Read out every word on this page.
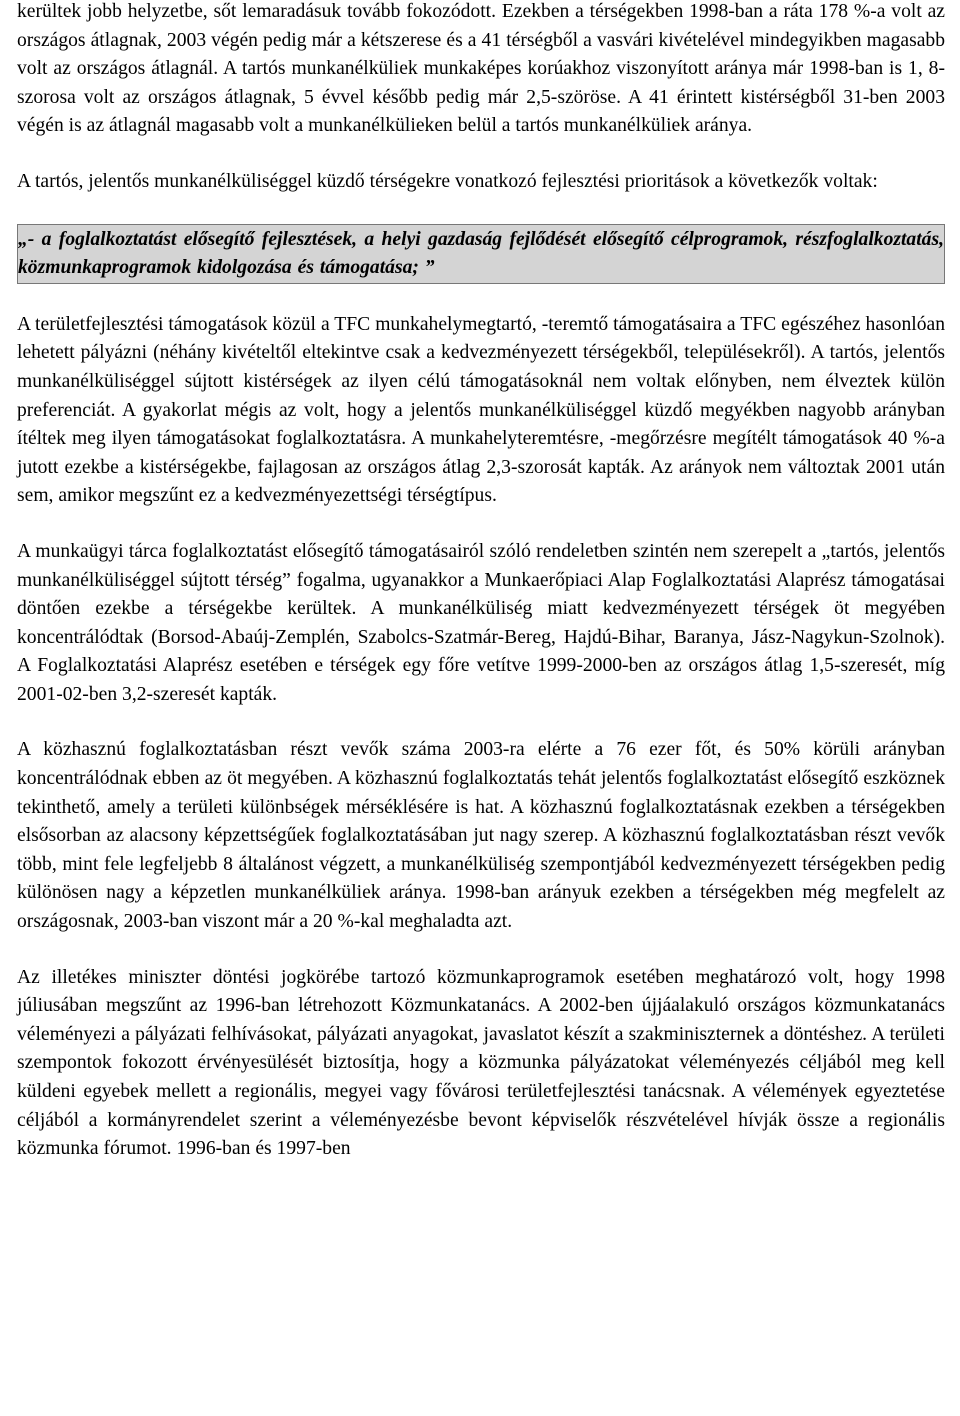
kerültek jobb helyzetbe, sőt lemaradásuk tovább fokozódott. Ezekben a térségekben 1998-ban a ráta 178 %-a volt az országos átlagnak, 2003 végén pedig már a kétszerese és a 41 térségből a vasvári kivételével mindegyikben magasabb volt az országos átlagnál. A tartós munkanélküliek munkaképes korúakhoz viszonyított aránya már 1998-ban is 1, 8-szorosa volt az országos átlagnak, 5 évvel később pedig már 2,5-szöröse. A 41 érintett kistérségből 31-ben 2003 végén is az átlagnál magasabb volt a munkanélkülieken belül a tartós munkanélküliek aránya.

A tartós, jelentős munkanélküliséggel küzdő térségekre vonatkozó fejlesztési prioritások a következők voltak:

„- a foglalkoztatást elősegítő fejlesztések, a helyi gazdaság fejlődését elősegítő célprogramok, részfoglalkoztatás, közmunkaprogramok kidolgozása és támogatása; ”

A területfejlesztési támogatások közül a TFC munkahelymegtartó, -teremtő támogatásaira a TFC egészéhez hasonlóan lehetett pályázni (néhány kivételtől eltekintve csak a kedvezményezett térségekből, településekről). A tartós, jelentős munkanélküliséggel sújtott kistérségek az ilyen célú támogatásoknál nem voltak előnyben, nem élveztek külön preferenciát. A gyakorlat mégis az volt, hogy a jelentős munkanélküliséggel küzdő megyékben nagyobb arányban ítéltek meg ilyen támogatásokat foglalkoztatásra. A munkahelyteremtésre, -megőrzésre megítélt támogatások 40 %-a jutott ezekbe a kistérségekbe, fajlagosan az országos átlag 2,3-szorosát kapták. Az arányok nem változtak 2001 után sem, amikor megszűnt ez a kedvezményezettségi térségtípus.

A munkaügyi tárca foglalkoztatást elősegítő támogatásairól szóló rendeletben szintén nem szerepelt a „tartós, jelentős munkanélküliséggel sújtott térség” fogalma, ugyanakkor a Munkaerőpiaci Alap Foglalkoztatási Alaprész támogatásai döntően ezekbe a térségekbe kerültek. A munkanélküliség miatt kedvezményezett térségek öt megyében koncentrálódtak (Borsod-Abaúj-Zemplén, Szabolcs-Szatmár-Bereg, Hajdú-Bihar, Baranya, Jász-Nagykun-Szolnok). A Foglalkoztatási Alaprész esetében e térségek egy főre vetítve 1999-2000-ben az országos átlag 1,5-szeresét, míg 2001-02-ben 3,2-szeresét kapták.

A közhasznú foglalkoztatásban részt vevők száma 2003-ra elérte a 76 ezer főt, és 50% körüli arányban koncentrálódnak ebben az öt megyében. A közhasznú foglalkoztatás tehát jelentős foglalkoztatást elősegítő eszköznek tekinthető, amely a területi különbségek mérséklésére is hat. A közhasznú foglalkoztatásnak ezekben a térségekben elsősorban az alacsony képzettségűek foglalkoztatásában jut nagy szerep. A közhasznú foglalkoztatásban részt vevők több, mint fele legfeljebb 8 általánost végzett, a munkanélküliség szempontjából kedvezményezett térségekben pedig különösen nagy a képzetlen munkanélküliek aránya. 1998-ban arányuk ezekben a térségekben még megfelelt az országosnak, 2003-ban viszont már a 20 %-kal meghaladta azt.

Az illetékes miniszter döntési jogkörébe tartozó közmunkaprogramok esetében meghatározó volt, hogy 1998 júliusában megszűnt az 1996-ban létrehozott Közmunkatanács. A 2002-ben újjáalakuló országos közmunkatanács véleményezi a pályázati felhívásokat, pályázati anyagokat, javaslatot készít a szakminiszternek a döntéshez. A területi szempontok fokozott érvényesülését biztosítja, hogy a közmunka pályázatokat véleményezés céljából meg kell küldeni egyebek mellett a regionális, megyei vagy fővárosi területfejlesztési tanácsnak. A vélemények egyeztetése céljából a kormányrendelet szerint a véleményezésbe bevont képviselők részvételével hívják össze a regionális közmunka fórumot. 1996-ban és 1997-ben
